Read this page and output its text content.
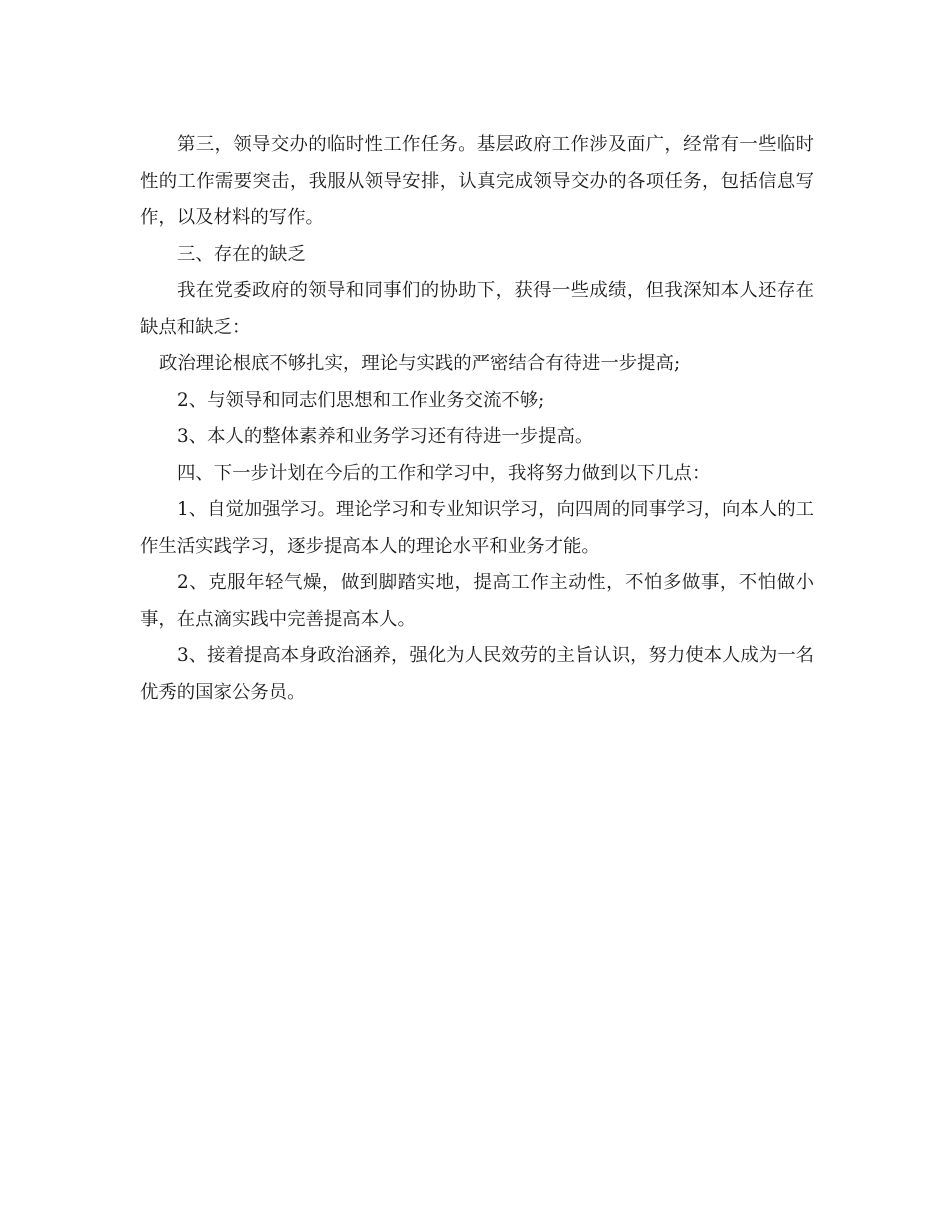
第三，领导交办的临时性工作任务。基层政府工作涉及面广，经常有一些临时性的工作需要突击，我服从领导安排，认真完成领导交办的各项任务，包括信息写作，以及材料的写作。

三、存在的缺乏

我在党委政府的领导和同事们的协助下，获得一些成绩，但我深知本人还存在缺点和缺乏：

政治理论根底不够扎实，理论与实践的严密结合有待进一步提高;

2、与领导和同志们思想和工作业务交流不够;

3、本人的整体素养和业务学习还有待进一步提高。

四、下一步计划在今后的工作和学习中，我将努力做到以下几点：

1、自觉加强学习。理论学习和专业知识学习，向四周的同事学习，向本人的工作生活实践学习，逐步提高本人的理论水平和业务才能。

2、克服年轻气燥，做到脚踏实地，提高工作主动性，不怕多做事，不怕做小事，在点滴实践中完善提高本人。

3、接着提高本身政治涵养，强化为人民效劳的主旨认识，努力使本人成为一名优秀的国家公务员。
